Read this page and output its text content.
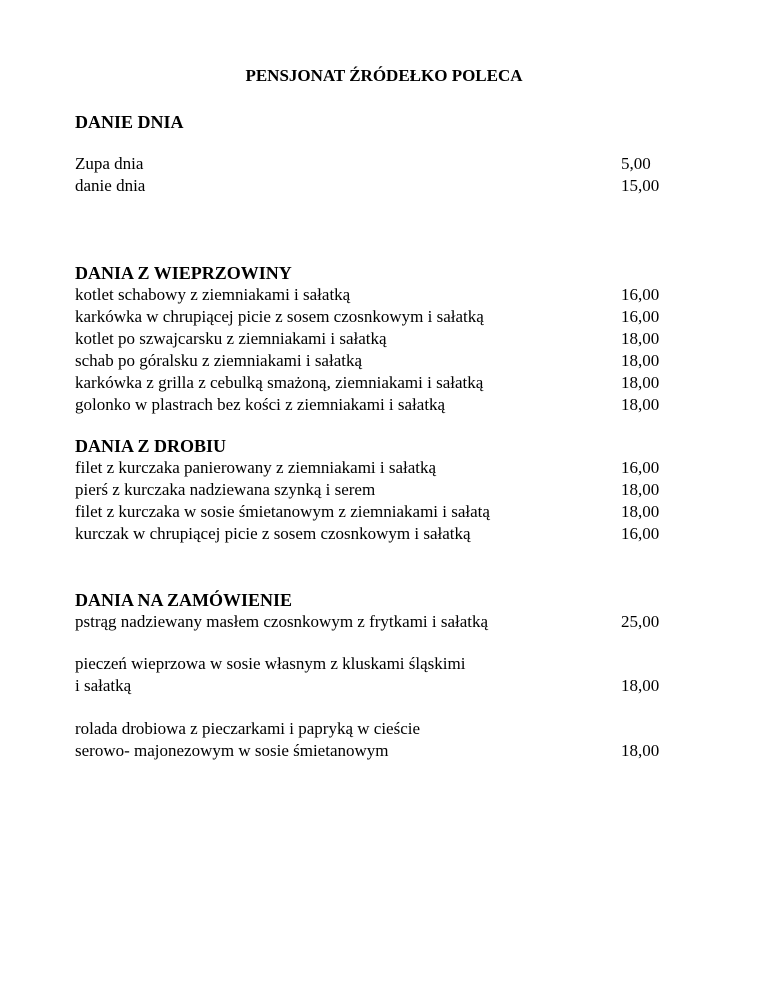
PENSJONAT ŹRÓDEŁKO POLECA
DANIE DNIA
Zupa dnia	5,00
danie dnia	15,00
DANIA Z WIEPRZOWINY
kotlet schabowy z ziemniakami i sałatką	16,00
karkówka w chrupiącej picie z sosem czosnkowym i sałatką	16,00
kotlet po szwajcarsku z ziemniakami i sałatką	18,00
schab po góralsku z ziemniakami i sałatką	18,00
karkówka z grilla z cebulką smażoną, ziemniakami i sałatką	18,00
golonko w plastrach bez kości z ziemniakami i sałatką	18,00
DANIA Z DROBIU
filet z kurczaka panierowany z ziemniakami i sałatką	16,00
pierś z kurczaka nadziewana szynką i serem	18,00
filet z kurczaka w sosie śmietanowym z ziemniakami i sałatą	18,00
kurczak w chrupiącej picie z sosem czosnkowym i sałatką	16,00
DANIA NA ZAMÓWIENIE
pstrąg nadziewany masłem czosnkowym z frytkami i sałatką	25,00
pieczeń wieprzowa w sosie własnym z kluskami śląskimi
i sałatką	18,00
rolada drobiowa z pieczarkami i papryką w cieście
serowo- majonezowym w sosie śmietanowym	18,00
